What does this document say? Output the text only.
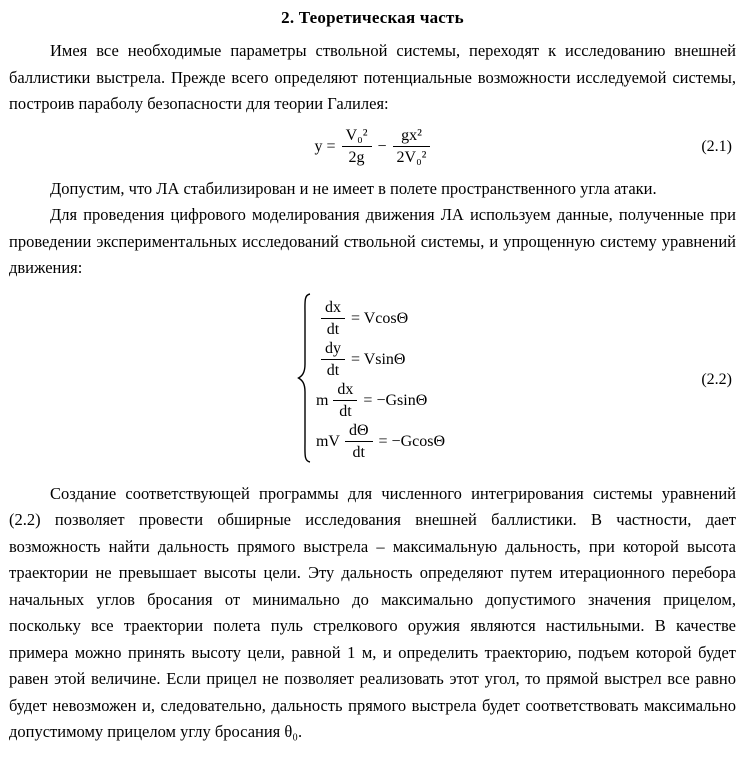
2. Теоретическая часть

Имея все необходимые параметры ствольной системы, переходят к исследованию внешней баллистики выстрела. Прежде всего определяют потенциальные возможности исследуемой системы, построив параболу безопасности для теории Галилея:

$y = \frac{\text{V₀²}}{2g} - \frac{\text{gx²}}{\text{2V₀²}}$	(2.1)

Допустим, что ЛА стабилизирован и не имеет в полете пространственного угла атаки.

Для проведения цифрового моделирования движения ЛА используем данные, полученные при проведении экспериментальных исследований ствольной системы, и упрощенную систему уравнений движения:

$\frac{dx}{dt} = Vcos\Theta$
$\frac{dy}{dt} = Vsin\Theta$
m $\frac{dx}{dt} = -Gsin\Theta$
mV $\frac{d\Theta}{dt} = -Gcos\Theta$
(2.2)

Создание соответствующей программы для численного интегрирования системы уравнений (2.2) позволяет провести обширные исследования внешней баллистики. В частности, дает возможность найти дальность прямого выстрела – максимальную дальность, при которой высота траектории не превышает высоты цели. Эту дальность определяют путем итерационного перебора начальных углов бросания от минимально до максимально допустимого значения прицелом, поскольку все траектории полета пуль стрелкового оружия являются настильными. В качестве примера можно принять высоту цели, равной 1 м, и определить траекторию, подъем которой будет равен этой величине. Если прицел не позволяет реализовать этот угол, то прямой выстрел все равно будет невозможен и, следовательно, дальность прямого выстрела будет соответствовать максимально допустимому прицелом углу бросания θ₀.
